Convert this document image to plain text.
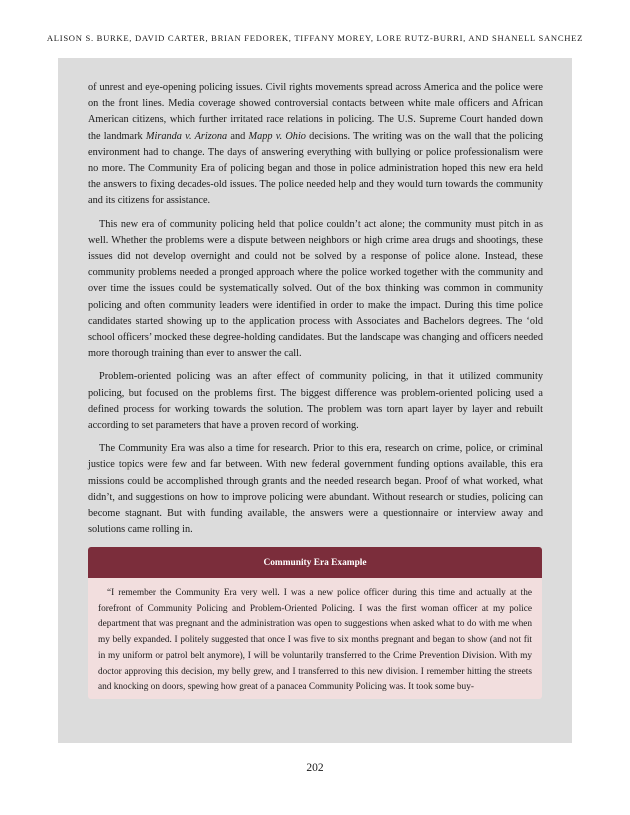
ALISON S. BURKE, DAVID CARTER, BRIAN FEDOREK, TIFFANY MOREY, LORE RUTZ-BURRI, AND SHANELL SANCHEZ

of unrest and eye-opening policing issues. Civil rights movements spread across America and the police were on the front lines. Media coverage showed controversial contacts between white male officers and African American citizens, which further irritated race relations in policing. The U.S. Supreme Court handed down the landmark Miranda v. Arizona and Mapp v. Ohio decisions. The writing was on the wall that the policing environment had to change. The days of answering everything with bullying or police professionalism were no more. The Community Era of policing began and those in police administration hoped this new era held the answers to fixing decades-old issues. The police needed help and they would turn towards the community and its citizens for assistance.

This new era of community policing held that police couldn’t act alone; the community must pitch in as well. Whether the problems were a dispute between neighbors or high crime area drugs and shootings, these issues did not develop overnight and could not be solved by a response of police alone. Instead, these community problems needed a pronged approach where the police worked together with the community and over time the issues could be systematically solved. Out of the box thinking was common in community policing and often community leaders were identified in order to make the impact. During this time police candidates started showing up to the application process with Associates and Bachelors degrees. The ‘old school officers’ mocked these degree-holding candidates. But the landscape was changing and officers needed more thorough training than ever to answer the call.

Problem-oriented policing was an after effect of community policing, in that it utilized community policing, but focused on the problems first. The biggest difference was problem-oriented policing used a defined process for working towards the solution. The problem was torn apart layer by layer and rebuilt according to set parameters that have a proven record of working.

The Community Era was also a time for research. Prior to this era, research on crime, police, or criminal justice topics were few and far between. With new federal government funding options available, this era missions could be accomplished through grants and the needed research began. Proof of what worked, what didn’t, and suggestions on how to improve policing were abundant. Without research or studies, policing can become stagnant. But with funding available, the answers were a questionnaire or interview away and solutions came rolling in.

Community Era Example
“I remember the Community Era very well. I was a new police officer during this time and actually at the forefront of Community Policing and Problem-Oriented Policing. I was the first woman officer at my police department that was pregnant and the administration was open to suggestions when asked what to do with me when my belly expanded. I politely suggested that once I was five to six months pregnant and began to show (and not fit in my uniform or patrol belt anymore), I will be voluntarily transferred to the Crime Prevention Division. With my doctor approving this decision, my belly grew, and I transferred to this new division. I remember hitting the streets and knocking on doors, spewing how great of a panacea Community Policing was. It took some buy-
202
